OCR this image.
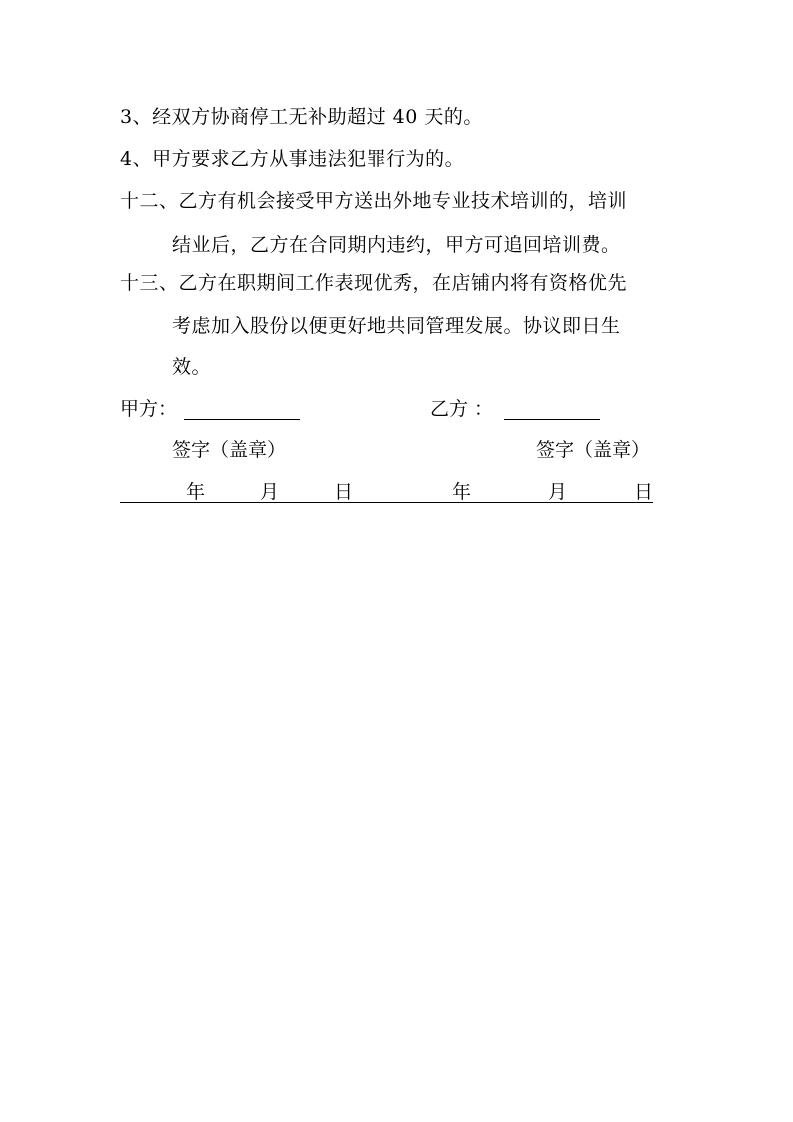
3、经双方协商停工无补助超过 40 天的。
4、甲方要求乙方从事违法犯罪行为的。
十二、乙方有机会接受甲方送出外地专业技术培训的，培训
结业后，乙方在合同期内违约，甲方可追回培训费。
十三、乙方在职期间工作表现优秀，在店铺内将有资格优先
考虑加入股份以便更好地共同管理发展。协议即日生
效。
甲方：	乙方 ：
签字（盖章）	签字（盖章）
年	月	日	年	月	日
